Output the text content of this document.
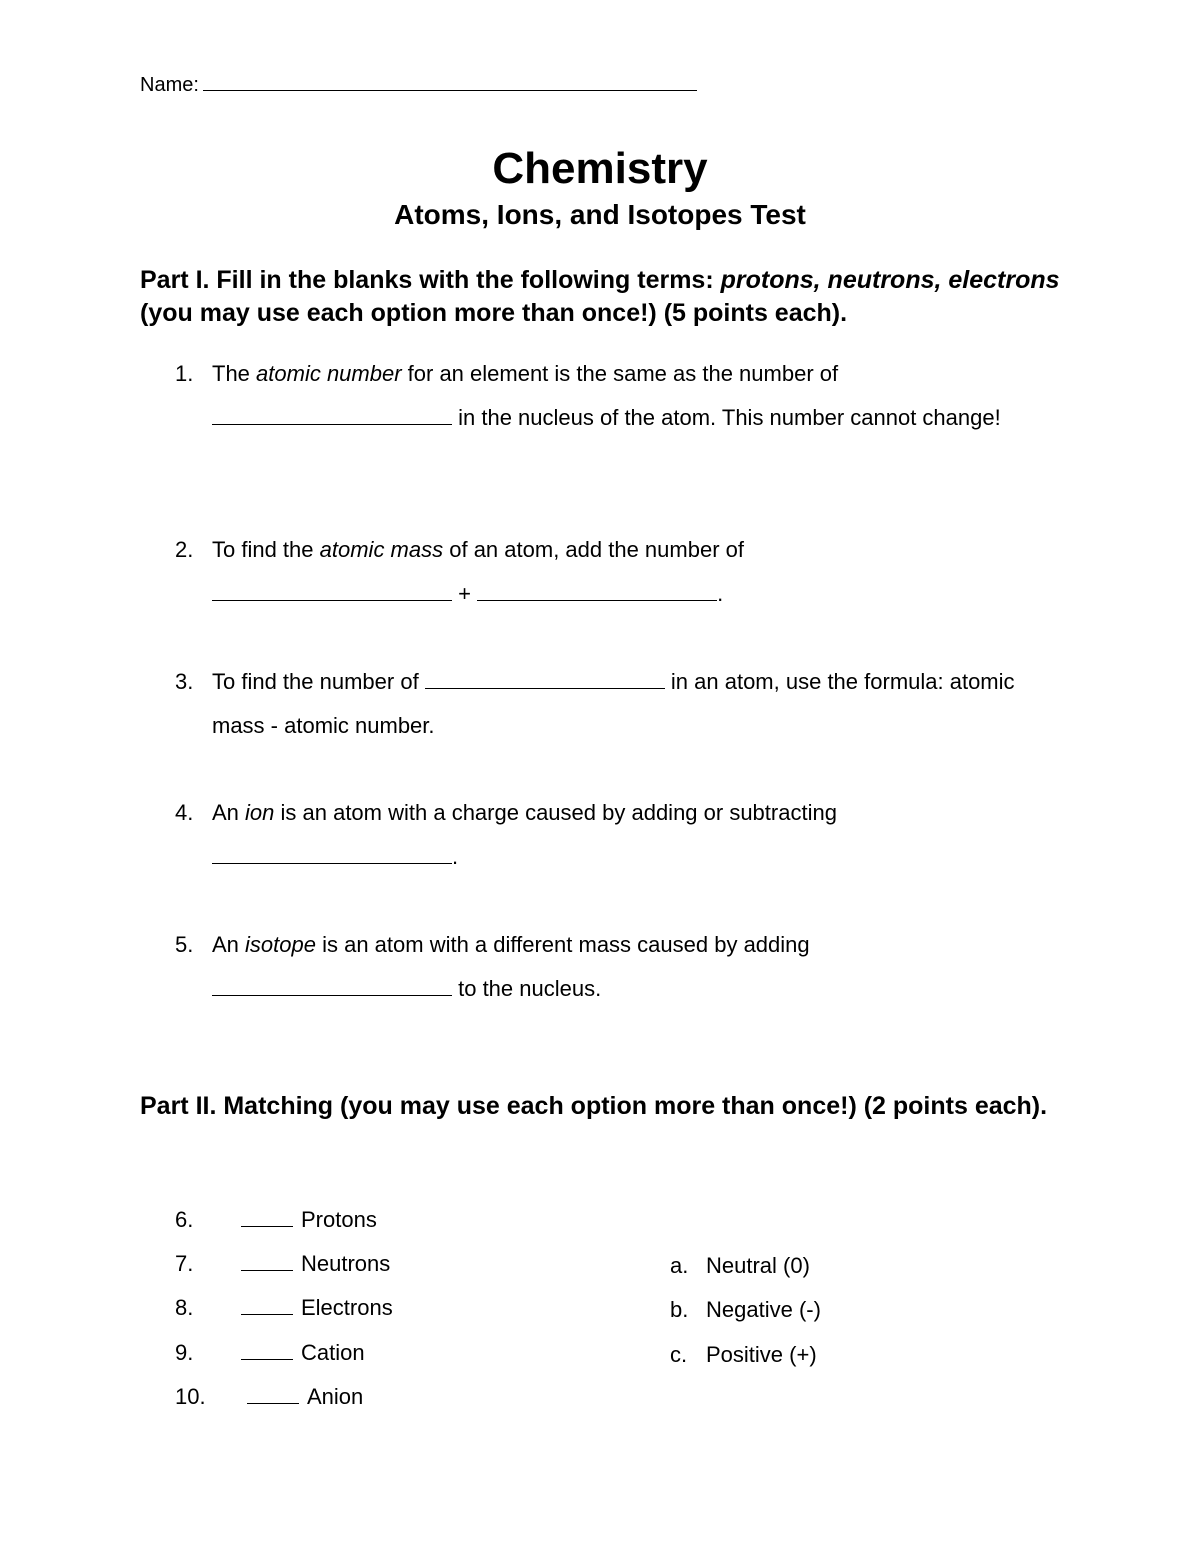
Name:
Chemistry
Atoms, Ions, and Isotopes Test
Part I. Fill in the blanks with the following terms: protons, neutrons, electrons (you may use each option more than once!) (5 points each).
1. The atomic number for an element is the same as the number of
in the nucleus of the atom. This number cannot change!
2. To find the atomic mass of an atom, add the number of
+	.
3. To find the number of	in an atom, use the formula: atomic mass - atomic number.
4. An ion is an atom with a charge caused by adding or subtracting
.
5. An isotope is an atom with a different mass caused by adding
to the nucleus.
Part II. Matching (you may use each option more than once!) (2 points each).
6.	Protons
7.	Neutrons
8.	Electrons
9.	Cation
10.	Anion
a. Neutral (0)
b. Negative (-)
c. Positive (+)
